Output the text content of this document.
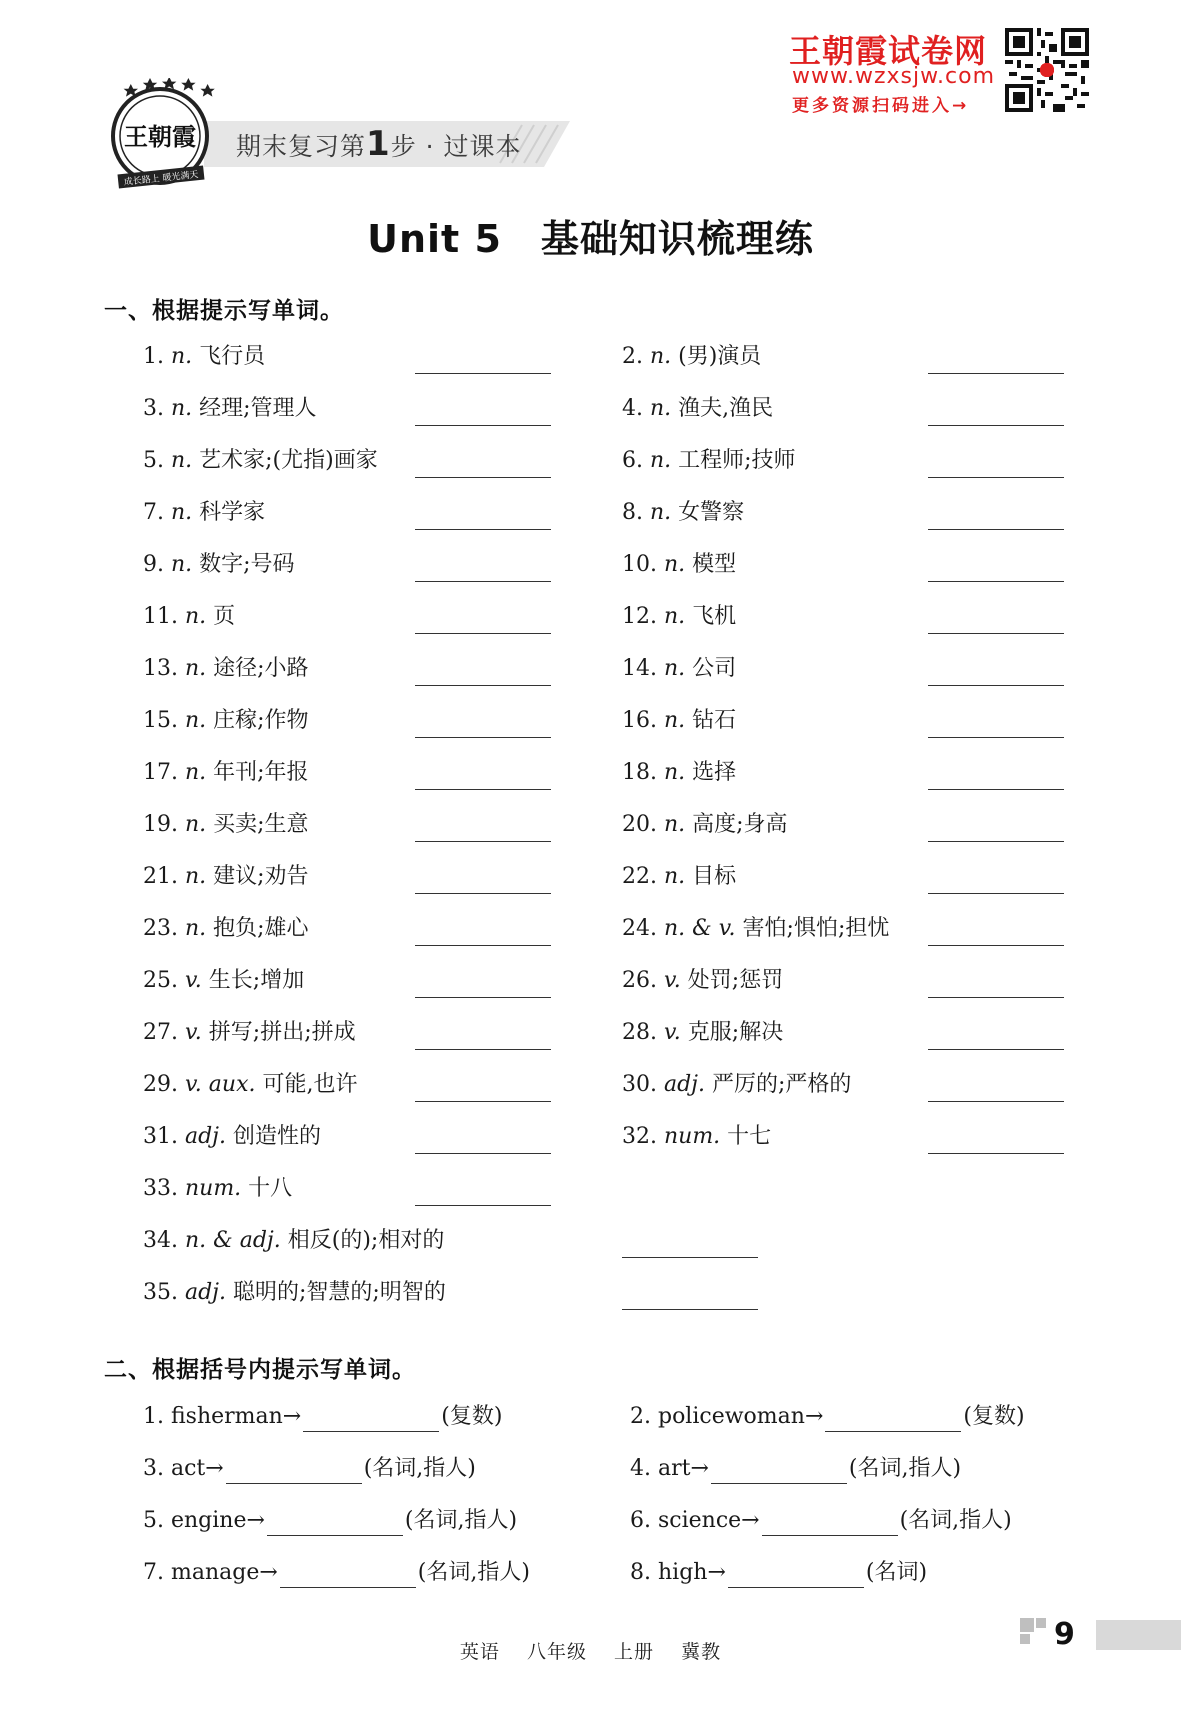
期末复习第1步 · 过课本
王朝霞
成长路上 暖光满天
王朝霞试卷网
www.wzxsjw.com
更多资源扫码进入→
Unit 5　基础知识梳理练
一、根据提示写单词。
1. n. 飞行员	2. n. (男)演员
3. n. 经理;管理人	4. n. 渔夫,渔民
5. n. 艺术家;(尤指)画家	6. n. 工程师;技师
7. n. 科学家	8. n. 女警察
9. n. 数字;号码	10. n. 模型
11. n. 页	12. n. 飞机
13. n. 途径;小路	14. n. 公司
15. n. 庄稼;作物	16. n. 钻石
17. n. 年刊;年报	18. n. 选择
19. n. 买卖;生意	20. n. 高度;身高
21. n. 建议;劝告	22. n. 目标
23. n. 抱负;雄心	24. n. & v. 害怕;惧怕;担忧
25. v. 生长;增加	26. v. 处罚;惩罚
27. v. 拼写;拼出;拼成	28. v. 克服;解决
29. v. aux. 可能,也许	30. adj. 严厉的;严格的
31. adj. 创造性的	32. num. 十七
33. num. 十八
34. n. & adj. 相反(的);相对的
35. adj. 聪明的;智慧的;明智的
二、根据括号内提示写单词。
1. fisherman→	(复数)	2. policewoman→	(复数)
3. act→	(名词,指人)	4. art→	(名词,指人)
5. engine→	(名词,指人)	6. science→	(名词,指人)
7. manage→	(名词,指人)	8. high→	(名词)
英语 八年级 上册 冀教	9
